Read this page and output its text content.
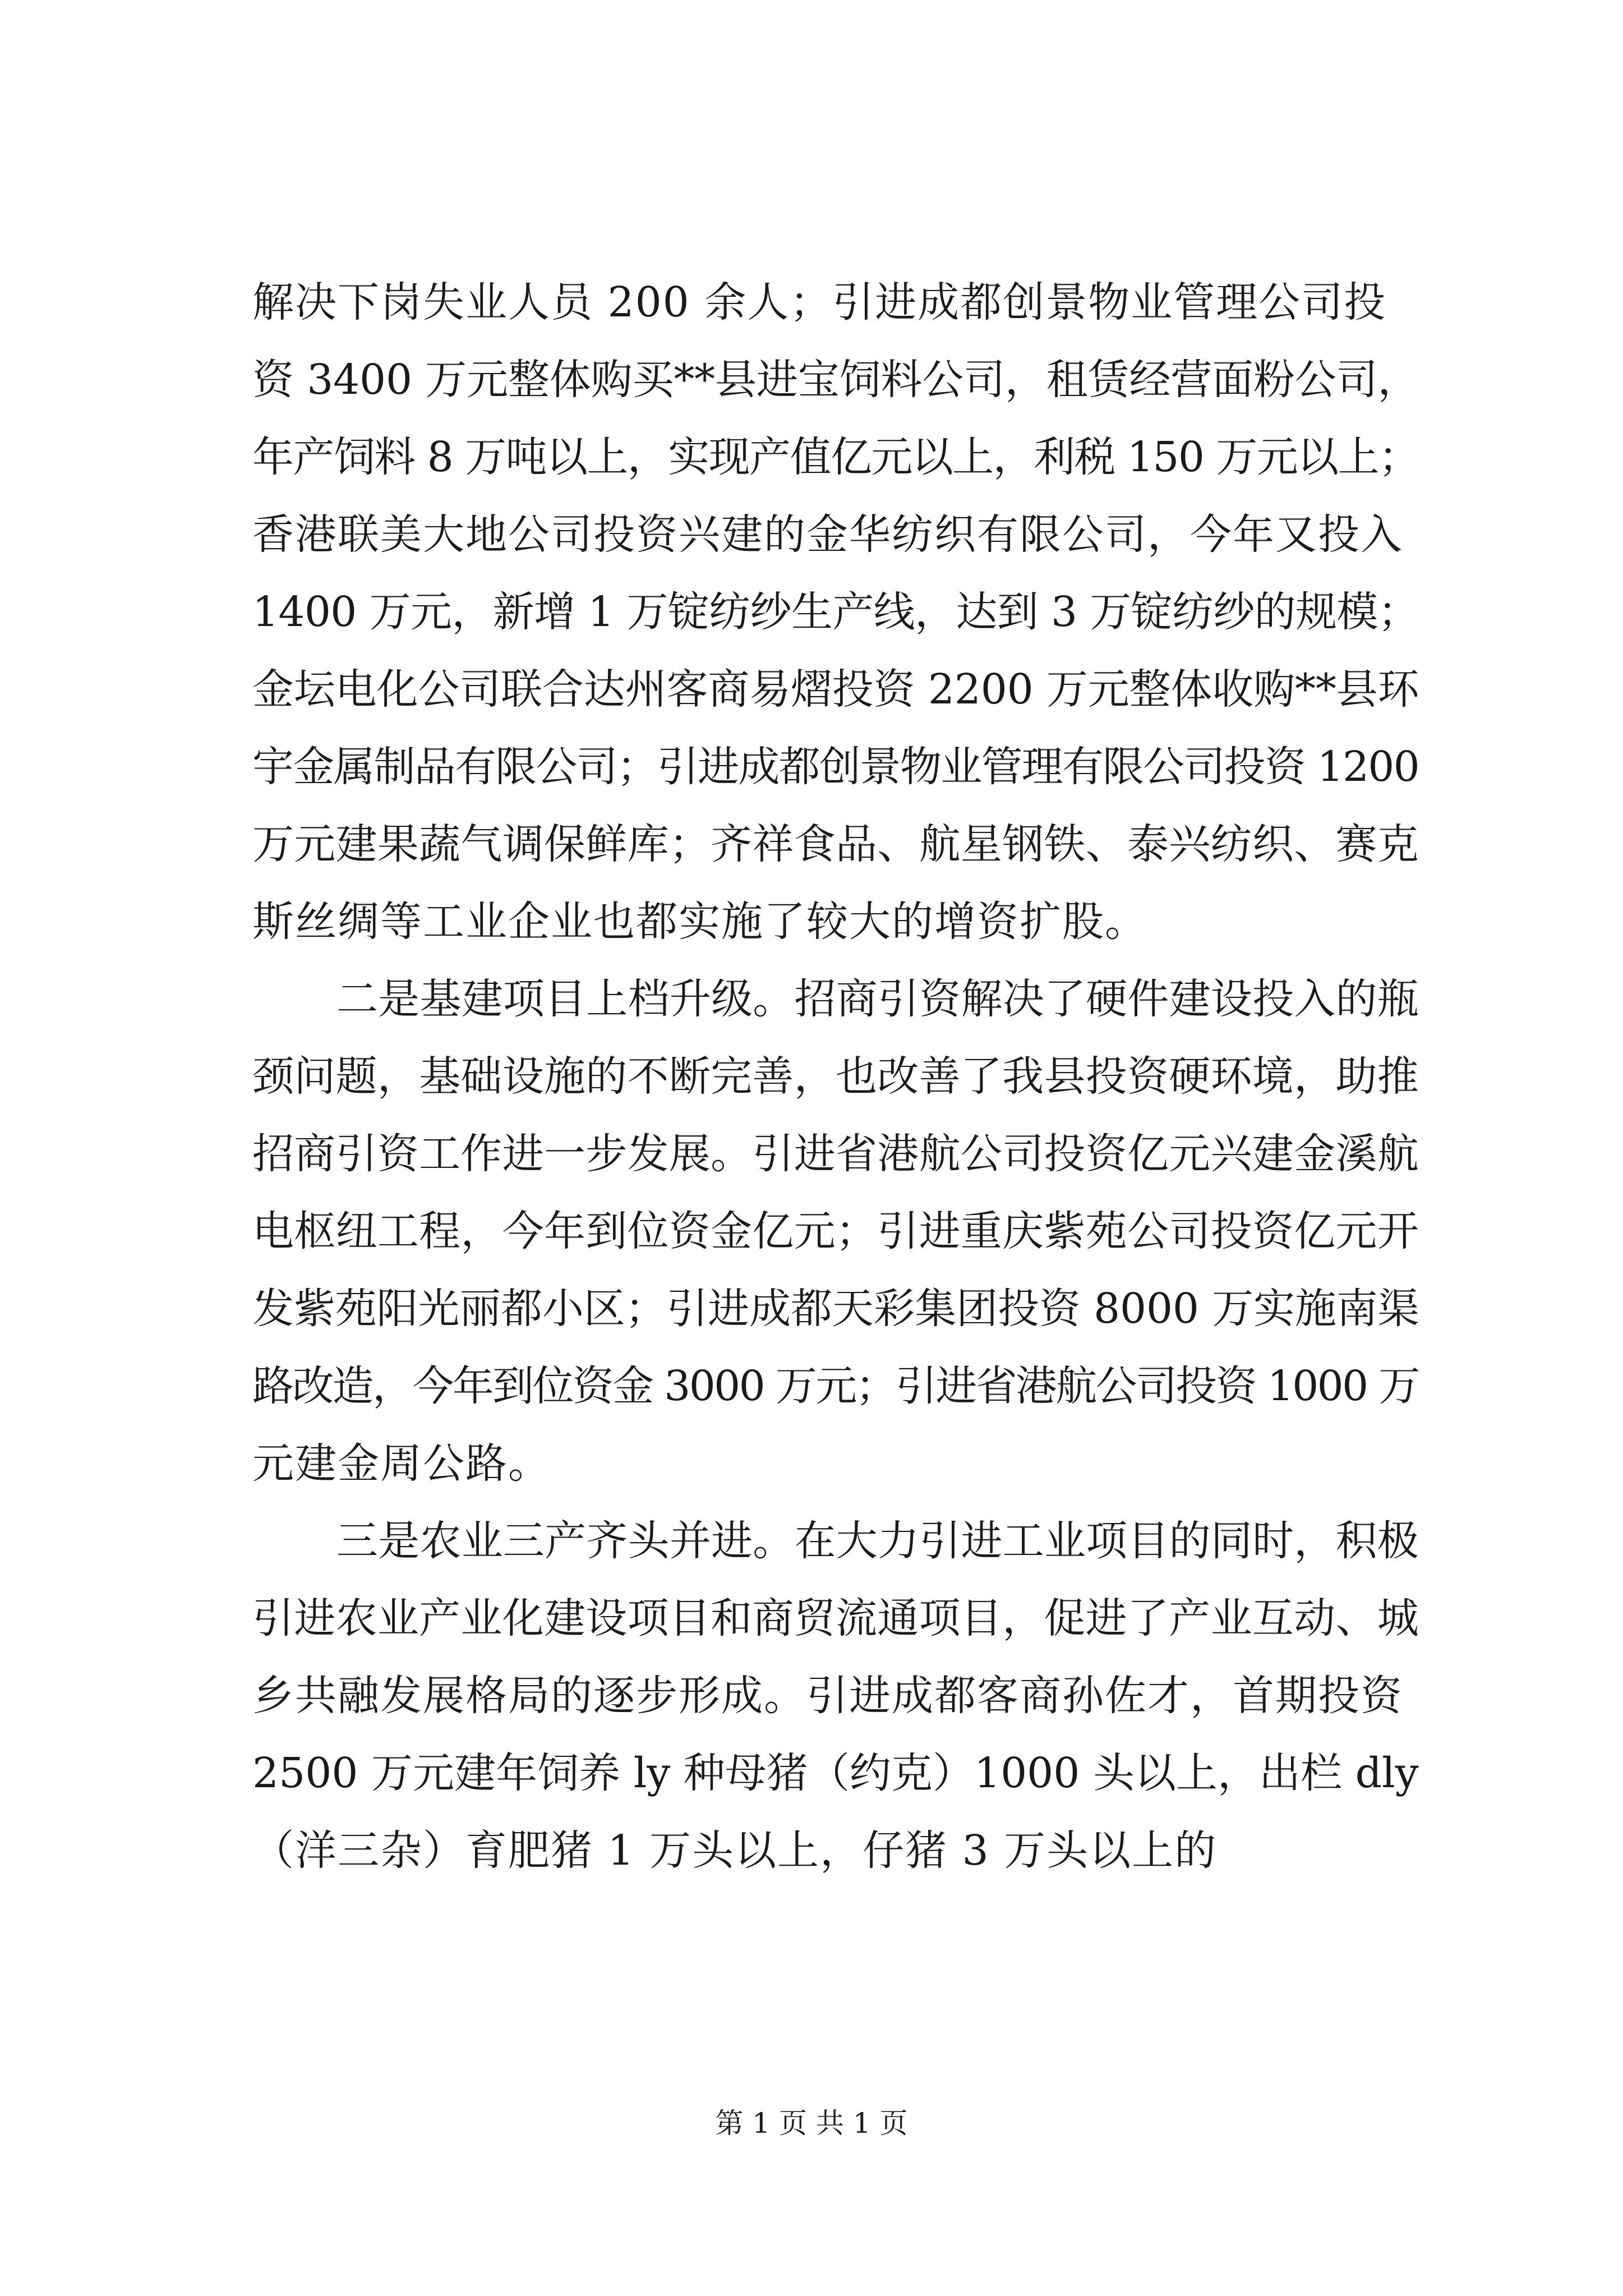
解决下岗失业人员 200 余人；引进成都创景物业管理公司投
资 3400 万元整体购买**县进宝饲料公司，租赁经营面粉公司，
年产饲料 8 万吨以上，实现产值亿元以上，利税 150 万元以上；
香港联美大地公司投资兴建的金华纺织有限公司，今年又投入
1400 万元，新增 1 万锭纺纱生产线，达到 3 万锭纺纱的规模；
金坛电化公司联合达州客商易熠投资 2200 万元整体收购**县环
宇金属制品有限公司；引进成都创景物业管理有限公司投资 1200
万元建果蔬气调保鲜库；齐祥食品、航星钢铁、泰兴纺织、赛克
斯丝绸等工业企业也都实施了较大的增资扩股。
二是基建项目上档升级。招商引资解决了硬件建设投入的瓶
颈问题，基础设施的不断完善，也改善了我县投资硬环境，助推
招商引资工作进一步发展。引进省港航公司投资亿元兴建金溪航
电枢纽工程，今年到位资金亿元；引进重庆紫苑公司投资亿元开
发紫苑阳光丽都小区；引进成都天彩集团投资 8000 万实施南渠
路改造，今年到位资金 3000 万元；引进省港航公司投资 1000 万
元建金周公路。
三是农业三产齐头并进。在大力引进工业项目的同时，积极
引进农业产业化建设项目和商贸流通项目，促进了产业互动、城
乡共融发展格局的逐步形成。引进成都客商孙佐才，首期投资
2500 万元建年饲养 ly 种母猪（约克）1000 头以上，出栏 dly
（洋三杂）育肥猪 1 万头以上，仔猪 3 万头以上的
第 1 页 共 1 页
